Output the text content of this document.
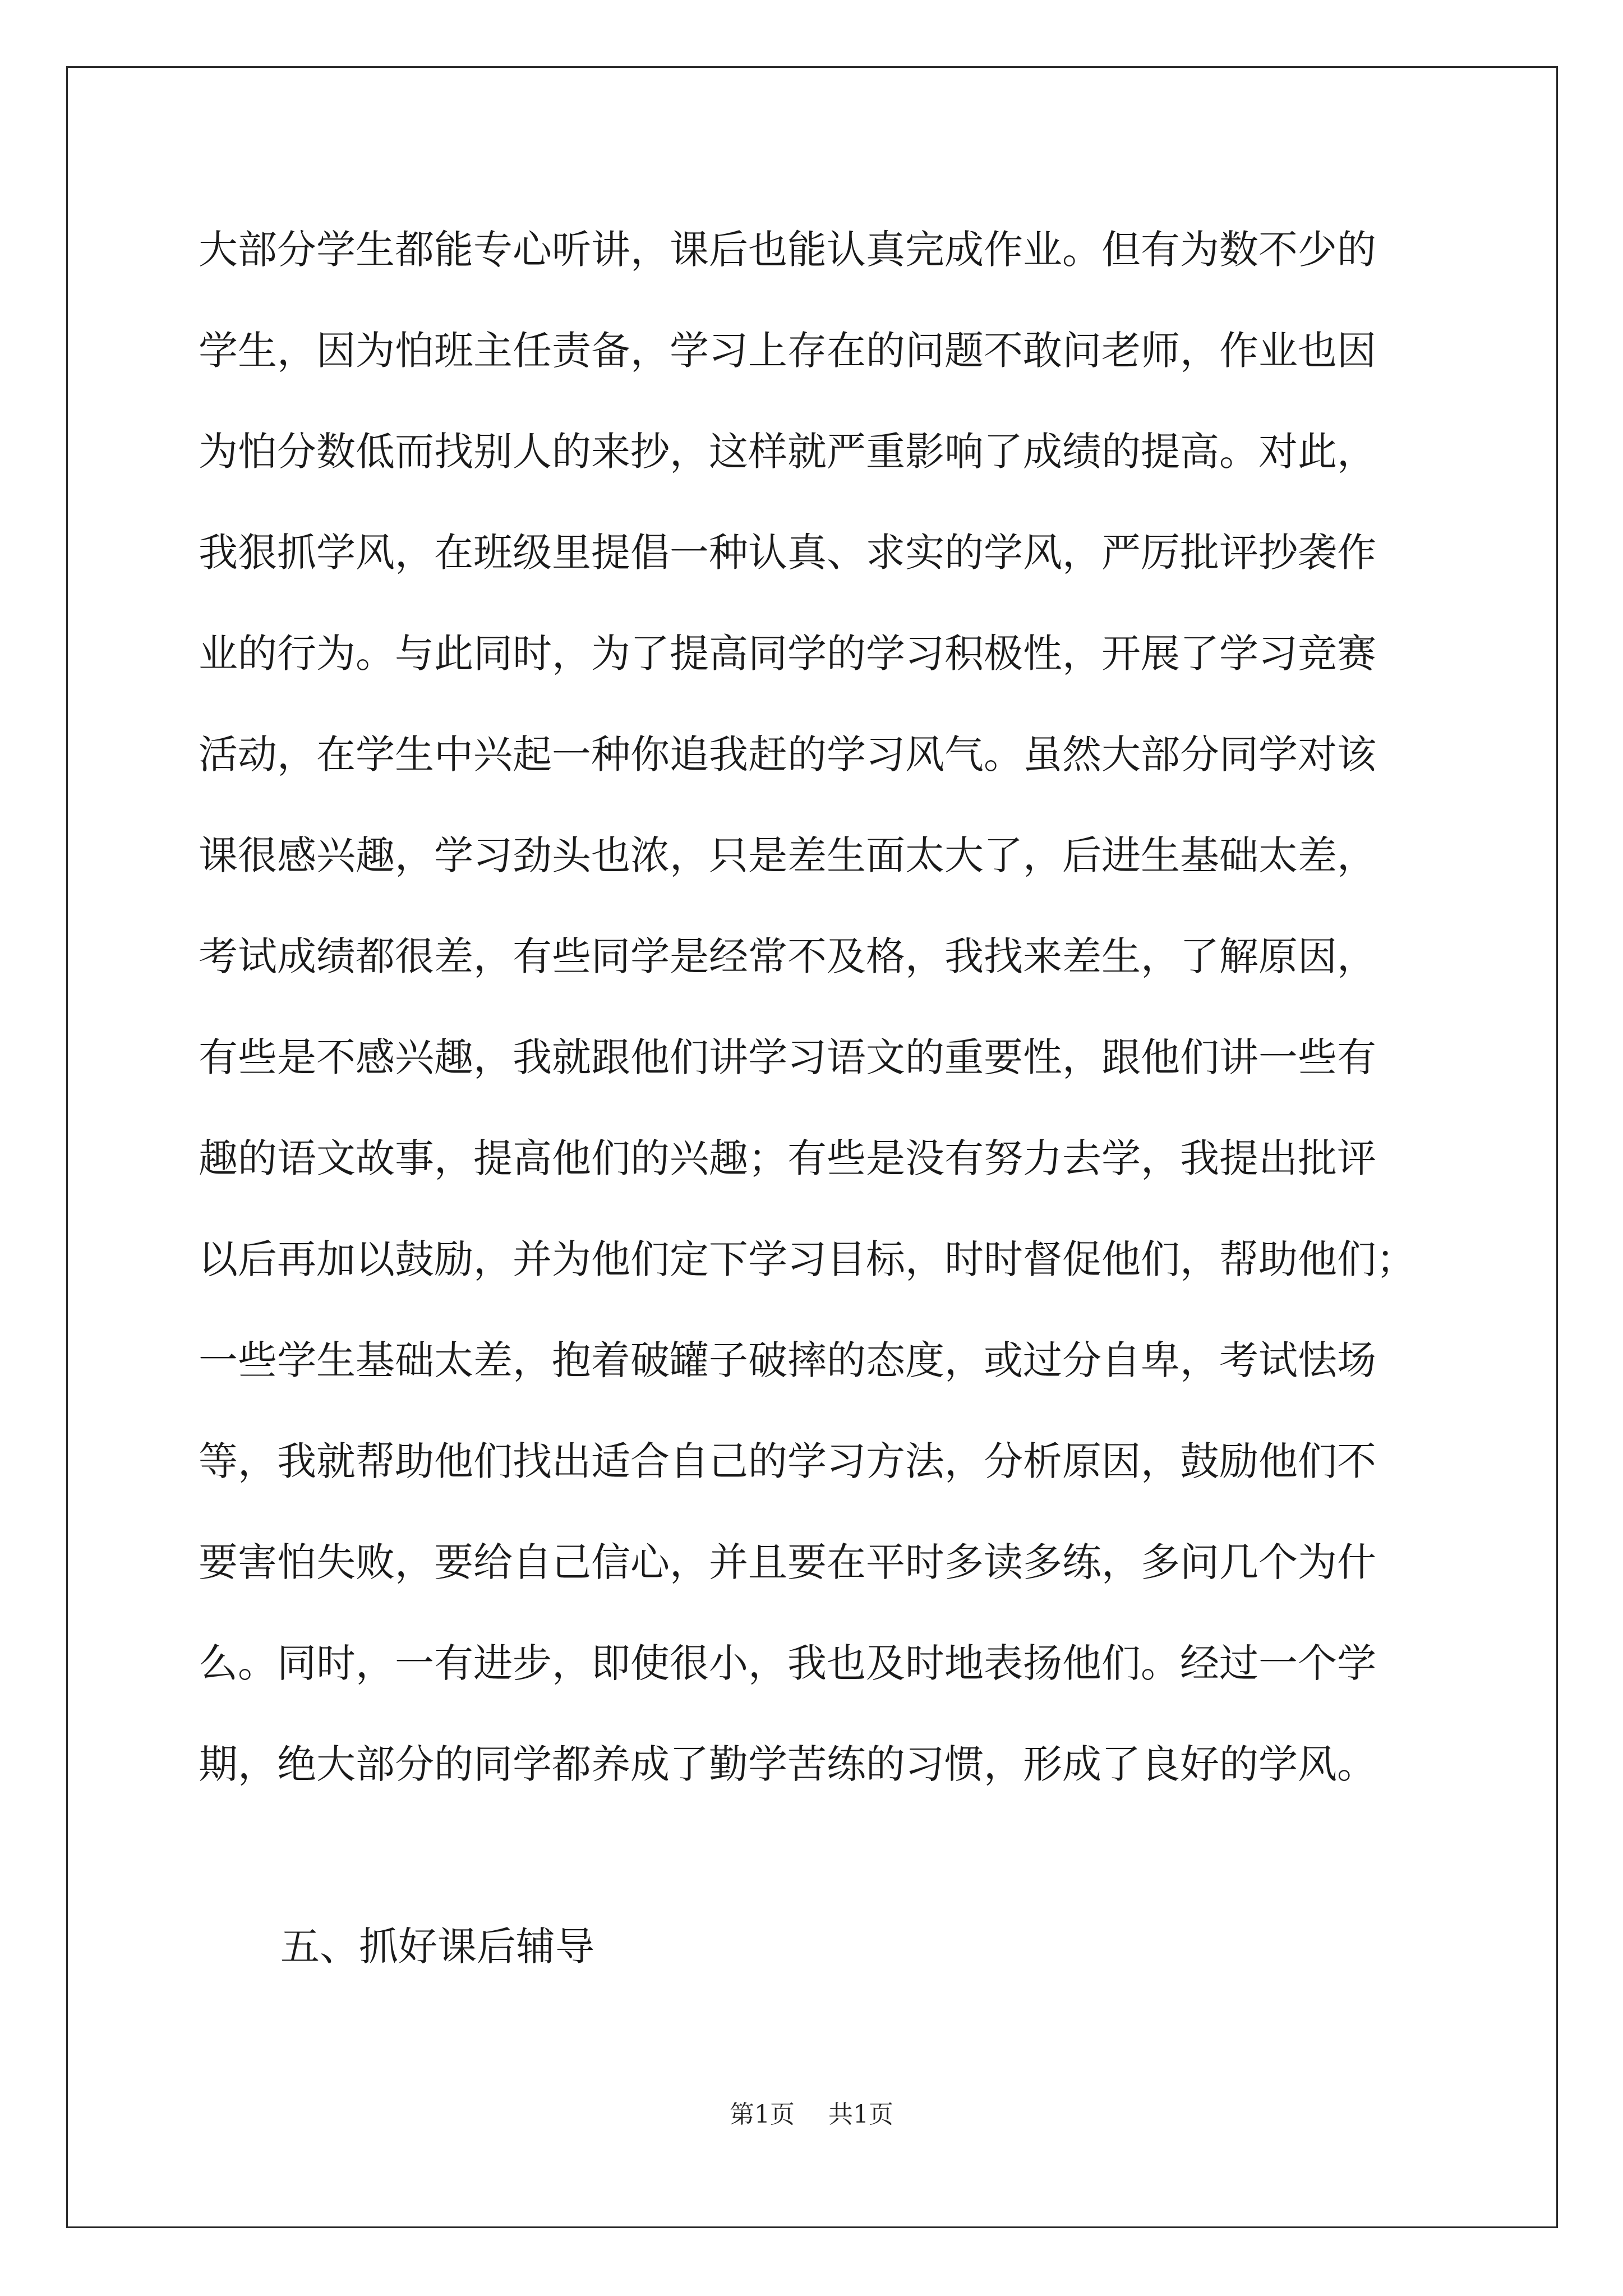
大部分学生都能专心听讲，课后也能认真完成作业。但有为数不少的
学生，因为怕班主任责备，学习上存在的问题不敢问老师，作业也因
为怕分数低而找别人的来抄，这样就严重影响了成绩的提高。对此，
我狠抓学风，在班级里提倡一种认真、求实的学风，严厉批评抄袭作
业的行为。与此同时，为了提高同学的学习积极性，开展了学习竞赛
活动，在学生中兴起一种你追我赶的学习风气。虽然大部分同学对该
课很感兴趣，学习劲头也浓，只是差生面太大了，后进生基础太差，
考试成绩都很差，有些同学是经常不及格，我找来差生，了解原因，
有些是不感兴趣，我就跟他们讲学习语文的重要性，跟他们讲一些有
趣的语文故事，提高他们的兴趣；有些是没有努力去学，我提出批评
以后再加以鼓励，并为他们定下学习目标，时时督促他们，帮助他们；
一些学生基础太差，抱着破罐子破摔的态度，或过分自卑，考试怯场
等，我就帮助他们找出适合自己的学习方法，分析原因，鼓励他们不
要害怕失败，要给自己信心，并且要在平时多读多练，多问几个为什
么。同时，一有进步，即使很小，我也及时地表扬他们。经过一个学
期，绝大部分的同学都养成了勤学苦练的习惯，形成了良好的学风。
五、抓好课后辅导
第1页 共1页
